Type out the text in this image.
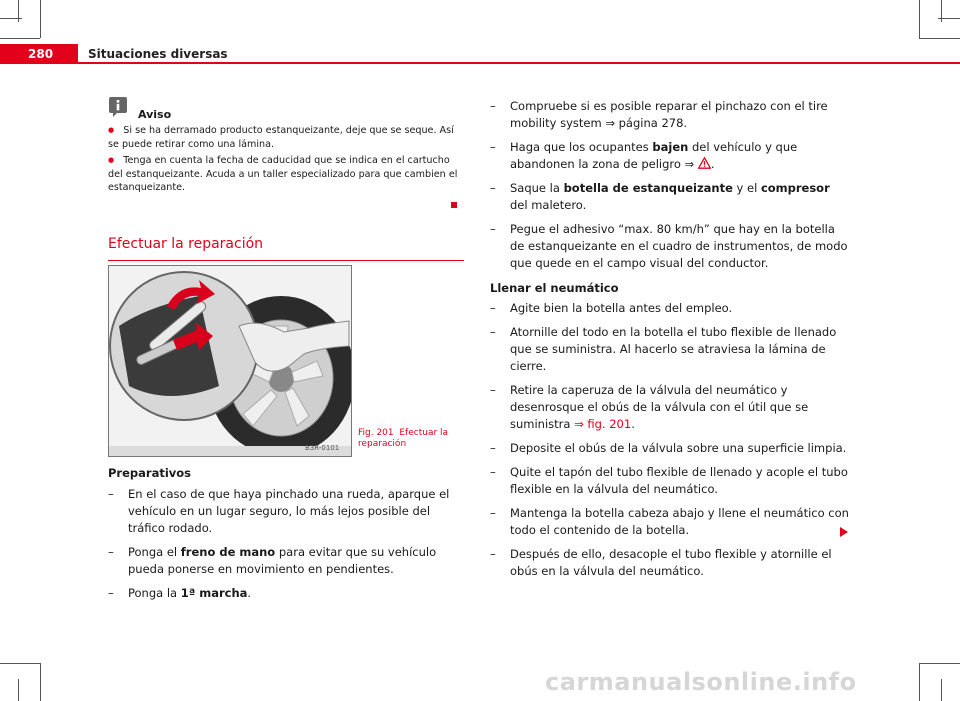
280	Situaciones diversas
Aviso
● Si se ha derramado producto estanqueizante, deje que se seque. Así se puede retirar como una lámina.
● Tenga en cuenta la fecha de caducidad que se indica en el cartucho del estanqueizante. Acuda a un taller especializado para que cambien el estanqueizante.
Efectuar la reparación
B3R-0101
Fig. 201 Efectuar la reparación
Preparativos
– En el caso de que haya pinchado una rueda, aparque el vehículo en un lugar seguro, lo más lejos posible del tráfico rodado.
– Ponga el freno de mano para evitar que su vehículo pueda ponerse en movimiento en pendientes.
– Ponga la 1ª marcha.
– Compruebe si es posible reparar el pinchazo con el tire mobility system ⇒ página 278.
– Haga que los ocupantes bajen del vehículo y que abandonen la zona de peligro ⇒ .
– Saque la botella de estanqueizante y el compresor del maletero.
– Pegue el adhesivo “max. 80 km/h” que hay en la botella de estanqueizante en el cuadro de instrumentos, de modo que quede en el campo visual del conductor.
Llenar el neumático
– Agite bien la botella antes del empleo.
– Atornille del todo en la botella el tubo flexible de llenado que se suministra. Al hacerlo se atraviesa la lámina de cierre.
– Retire la caperuza de la válvula del neumático y desenrosque el obús de la válvula con el útil que se suministra ⇒ fig. 201.
– Deposite el obús de la válvula sobre una superficie limpia.
– Quite el tapón del tubo flexible de llenado y acople el tubo flexible en la válvula del neumático.
– Mantenga la botella cabeza abajo y llene el neumático con todo el contenido de la botella.
– Después de ello, desacople el tubo flexible y atornille el obús en la válvula del neumático.
carmanualsonline.info
